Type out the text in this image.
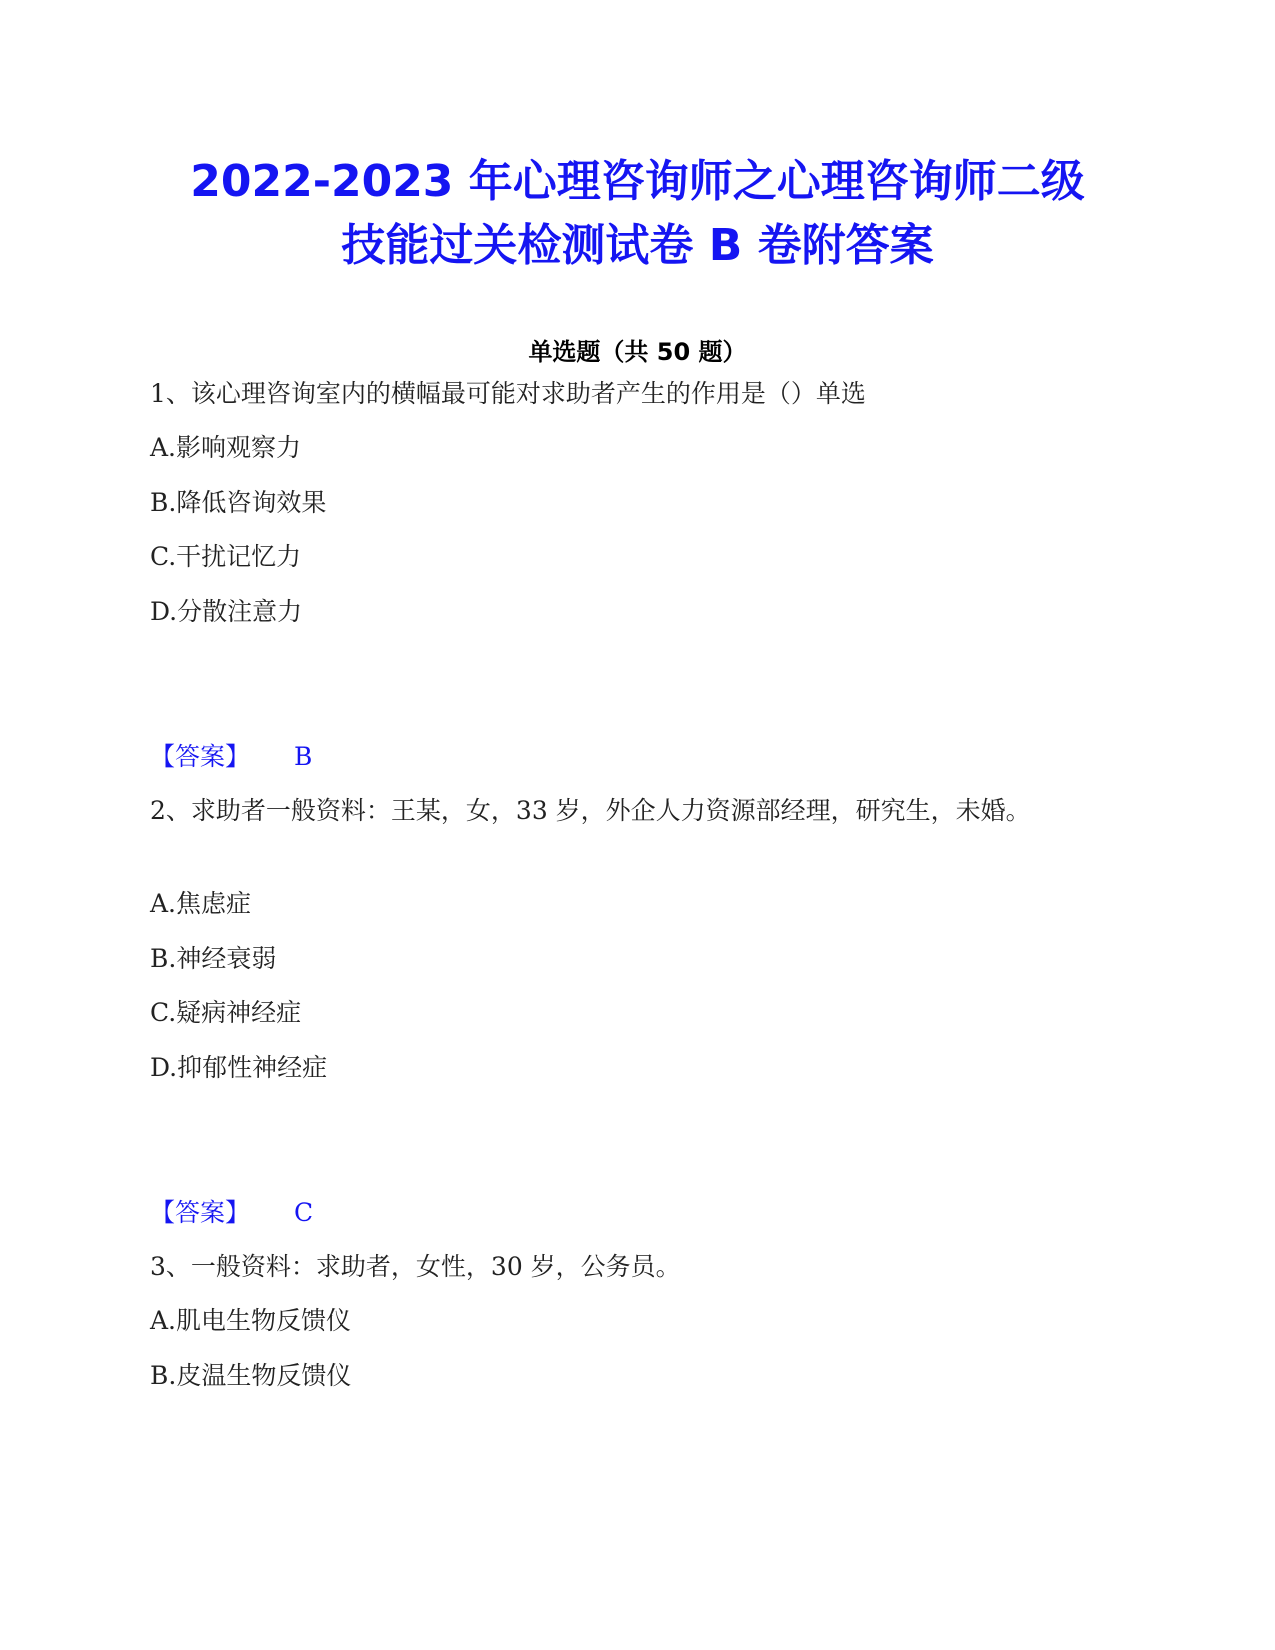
2022-2023 年心理咨询师之心理咨询师二级
技能过关检测试卷 B 卷附答案
单选题（共 50 题）
1、该心理咨询室内的横幅最可能对求助者产生的作用是（）单选
A.影响观察力
B.降低咨询效果
C.干扰记忆力
D.分散注意力
【答案】 B
2、求助者一般资料：王某，女，33 岁，外企人力资源部经理，研究生，未婚。
A.焦虑症
B.神经衰弱
C.疑病神经症
D.抑郁性神经症
【答案】 C
3、一般资料：求助者，女性，30 岁，公务员。
A.肌电生物反馈仪
B.皮温生物反馈仪
